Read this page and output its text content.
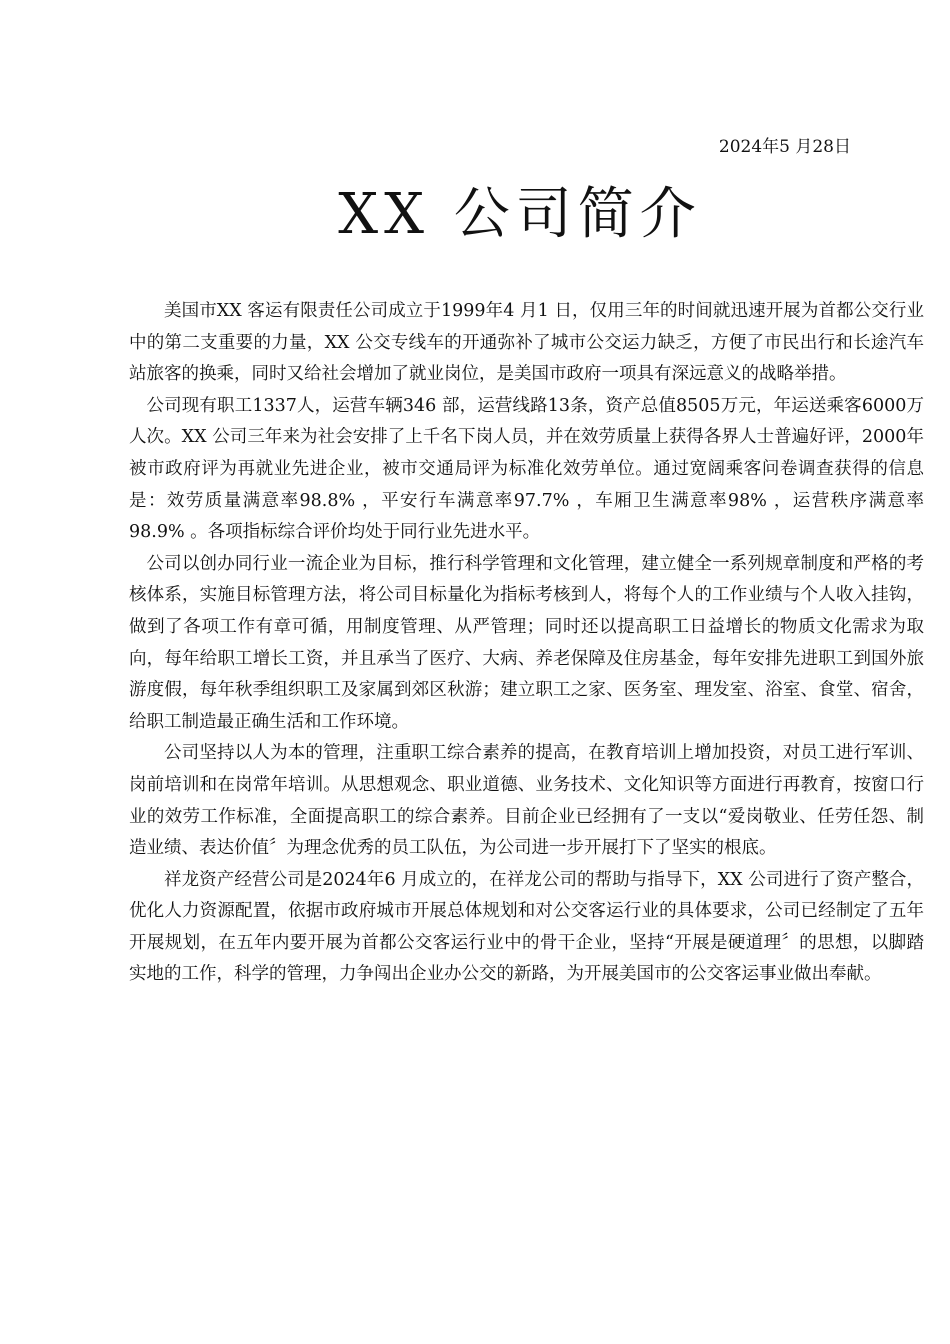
2024年5 月28日
XX 公司简介

美国市XX 客运有限责任公司成立于1999年4 月1 日，仅用三年的时间就迅速开展为首都公交行业中的第二支重要的力量，XX 公交专线车的开通弥补了城市公交运力缺乏，方便了市民出行和长途汽车站旅客的换乘，同时又给社会增加了就业岗位，是美国市政府一项具有深远意义的战略举措。

公司现有职工1337人，运营车辆346 部，运营线路13条，资产总值8505万元，年运送乘客6000万人次。XX 公司三年来为社会安排了上千名下岗人员，并在效劳质量上获得各界人士普遍好评，2000年被市政府评为再就业先进企业，被市交通局评为标准化效劳单位。通过宽阔乘客问卷调查获得的信息是：效劳质量满意率98.8% ，平安行车满意率97.7% ，车厢卫生满意率98% ，运营秩序满意率98.9% 。各项指标综合评价均处于同行业先进水平。

公司以创办同行业一流企业为目标，推行科学管理和文化管理，建立健全一系列规章制度和严格的考核体系，实施目标管理方法，将公司目标量化为指标考核到人，将每个人的工作业绩与个人收入挂钩，做到了各项工作有章可循，用制度管理、从严管理；同时还以提高职工日益增长的物质文化需求为取向，每年给职工增长工资，并且承当了医疗、大病、养老保障及住房基金，每年安排先进职工到国外旅游度假，每年秋季组织职工及家属到郊区秋游；建立职工之家、医务室、理发室、浴室、食堂、宿舍，给职工制造最正确生活和工作环境。

公司坚持以人为本的管理，注重职工综合素养的提高，在教育培训上增加投资，对员工进行军训、岗前培训和在岗常年培训。从思想观念、职业道德、业务技术、文化知识等方面进行再教育，按窗口行业的效劳工作标准，全面提高职工的综合素养。目前企业已经拥有了一支以“爱岗敬业、任劳任怨、制造业绩、表达价值〞为理念优秀的员工队伍，为公司进一步开展打下了坚实的根底。

祥龙资产经营公司是2024年6 月成立的，在祥龙公司的帮助与指导下，XX 公司进行了资产整合，优化人力资源配置，依据市政府城市开展总体规划和对公交客运行业的具体要求，公司已经制定了五年开展规划，在五年内要开展为首都公交客运行业中的骨干企业，坚持“开展是硬道理〞的思想，以脚踏实地的工作，科学的管理，力争闯出企业办公交的新路，为开展美国市的公交客运事业做出奉献。
